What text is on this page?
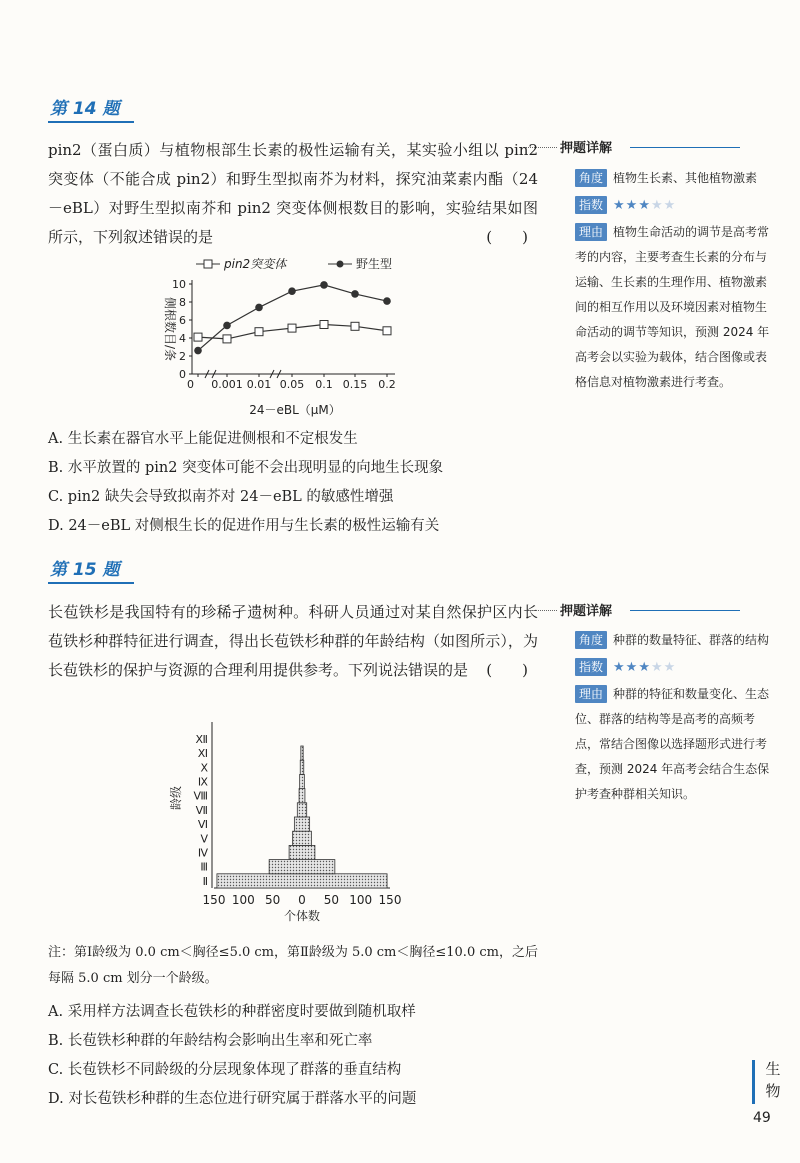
第 14 题
pin2（蛋白质）与植物根部生长素的极性运输有关，某实验小组以 pin2 突变体（不能合成 pin2）和野生型拟南芥为材料，探究油菜素内酯（24－eBL）对野生型拟南芥和 pin2 突变体侧根数目的影响，实验结果如图所示，下列叙述错误的是	(　　)
0
2
4
6
8
10
0.001 0.01 0.05 0.1 0.15 0.2
0
24－eBL（μM）
侧根数目/条
pin2突变体	野生型
A. 生长素在器官水平上能促进侧根和不定根发生
B. 水平放置的 pin2 突变体可能不会出现明显的向地生长现象
C. pin2 缺失会导致拟南芥对 24－eBL 的敏感性增强
D. 24－eBL 对侧根生长的促进作用与生长素的极性运输有关
押题详解
角度 植物生长素、其他植物激素
指数 ★★★★★
理由 植物生命活动的调节是高考常考的内容，主要考查生长素的分布与运输、生长素的生理作用、植物激素间的相互作用以及环境因素对植物生命活动的调节等知识，预测 2024 年高考会以实验为载体，结合图像或表格信息对植物激素进行考查。
第 15 题
长苞铁杉是我国特有的珍稀孑遗树种。科研人员通过对某自然保护区内长苞铁杉种群特征进行调查，得出长苞铁杉种群的年龄结构（如图所示），为长苞铁杉的保护与资源的合理利用提供参考。下列说法错误的是 (　　)
150 100 50 0 50 100 150
个体数
龄级
Ⅱ
Ⅲ
Ⅳ
Ⅴ
Ⅵ
Ⅶ
Ⅷ
Ⅸ
Ⅹ
Ⅺ
Ⅻ
注：第Ⅰ龄级为 0.0 cm＜胸径≤5.0 cm，第Ⅱ龄级为 5.0 cm＜胸径≤10.0 cm，之后
每隔 5.0 cm 划分一个龄级。
A. 采用样方法调查长苞铁杉的种群密度时要做到随机取样
B. 长苞铁杉种群的年龄结构会影响出生率和死亡率
C. 长苞铁杉不同龄级的分层现象体现了群落的垂直结构
D. 对长苞铁杉种群的生态位进行研究属于群落水平的问题
押题详解
角度 种群的数量特征、群落的结构
指数 ★★★★★
理由 种群的特征和数量变化、生态位、群落的结构等是高考的高频考点，常结合图像以选择题形式进行考查，预测 2024 年高考会结合生态保护考查种群相关知识。
生物
49
